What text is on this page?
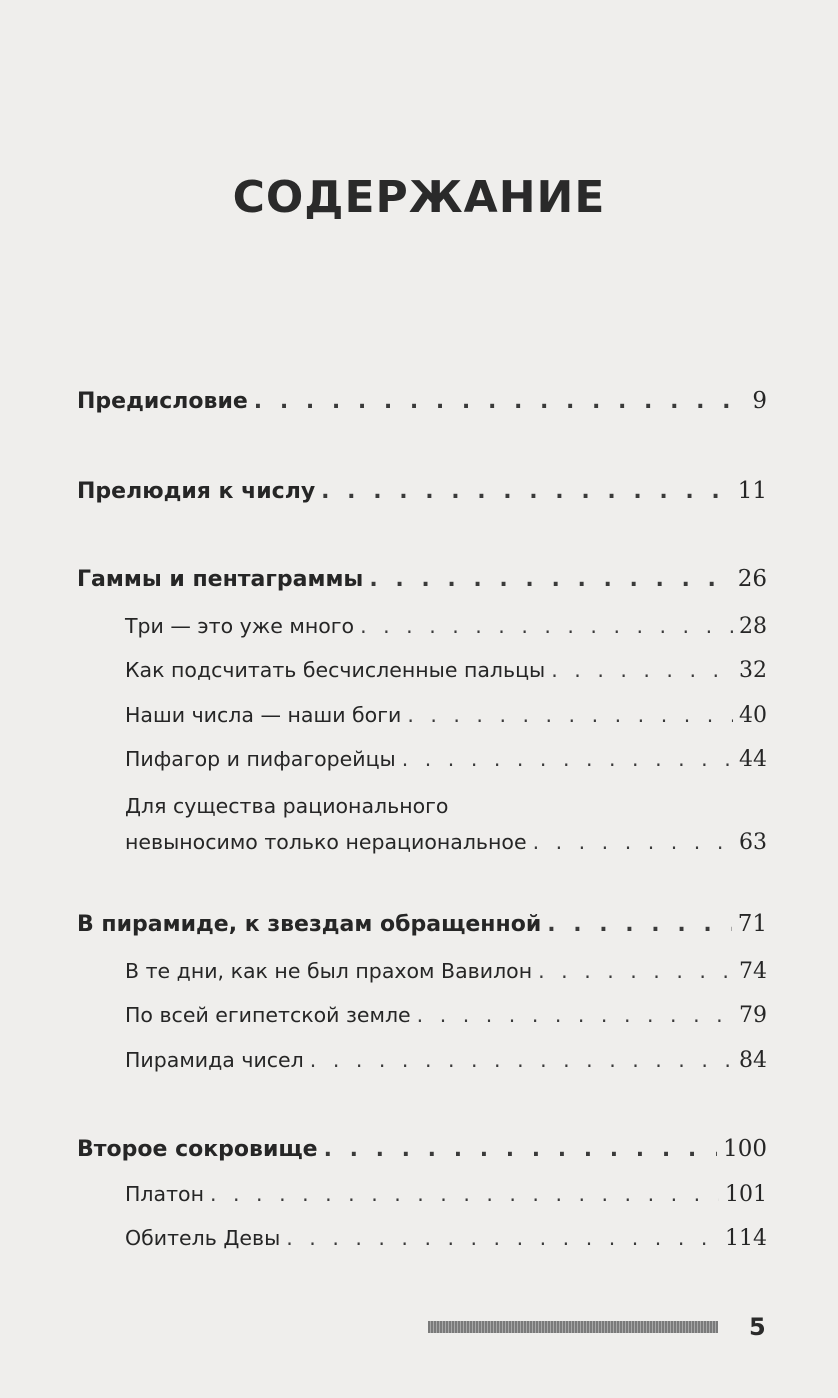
СОДЕРЖАНИЕ
Предисловие . . .	9
Прелюдия к числу . . .	11
Гаммы и пентаграммы . . .	26
Три — это уже много . . .	28
Как подсчитать бесчисленные пальцы . . .	32
Наши числа — наши боги . . .	40
Пифагор и пифагорейцы . . .	44
Для существа рационального
невыносимо только нерациональное . . .	63
В пирамиде, к звездам обращенной . . .	71
В те дни, как не был прахом Вавилон . . .	74
По всей египетской земле . . .	79
Пирамида чисел . . .	84
Второе сокровище . . .	100
Платон . . .	101
Обитель Девы . . .	114
5
